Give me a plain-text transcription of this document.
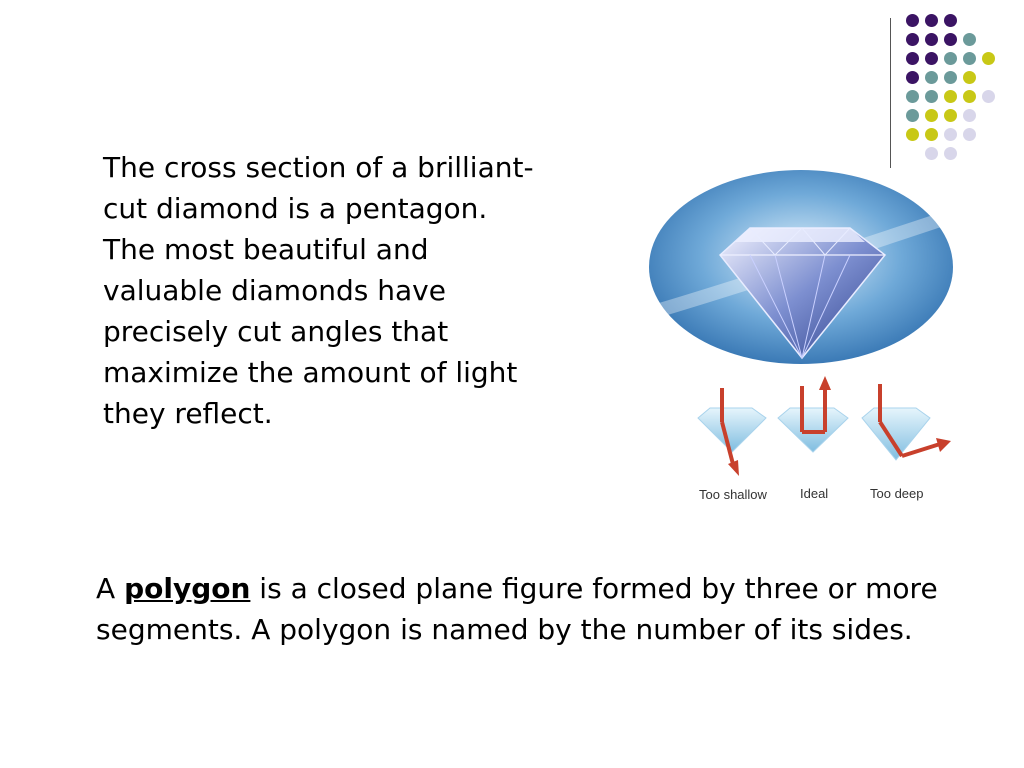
The cross section of a brilliant-cut diamond is a pentagon. The most beautiful and valuable diamonds have precisely cut angles that maximize the amount of light they reflect.

Too shallow	Ideal	Too deep

A polygon is a closed plane figure formed by three or more segments. A polygon is named by the number of its sides.
